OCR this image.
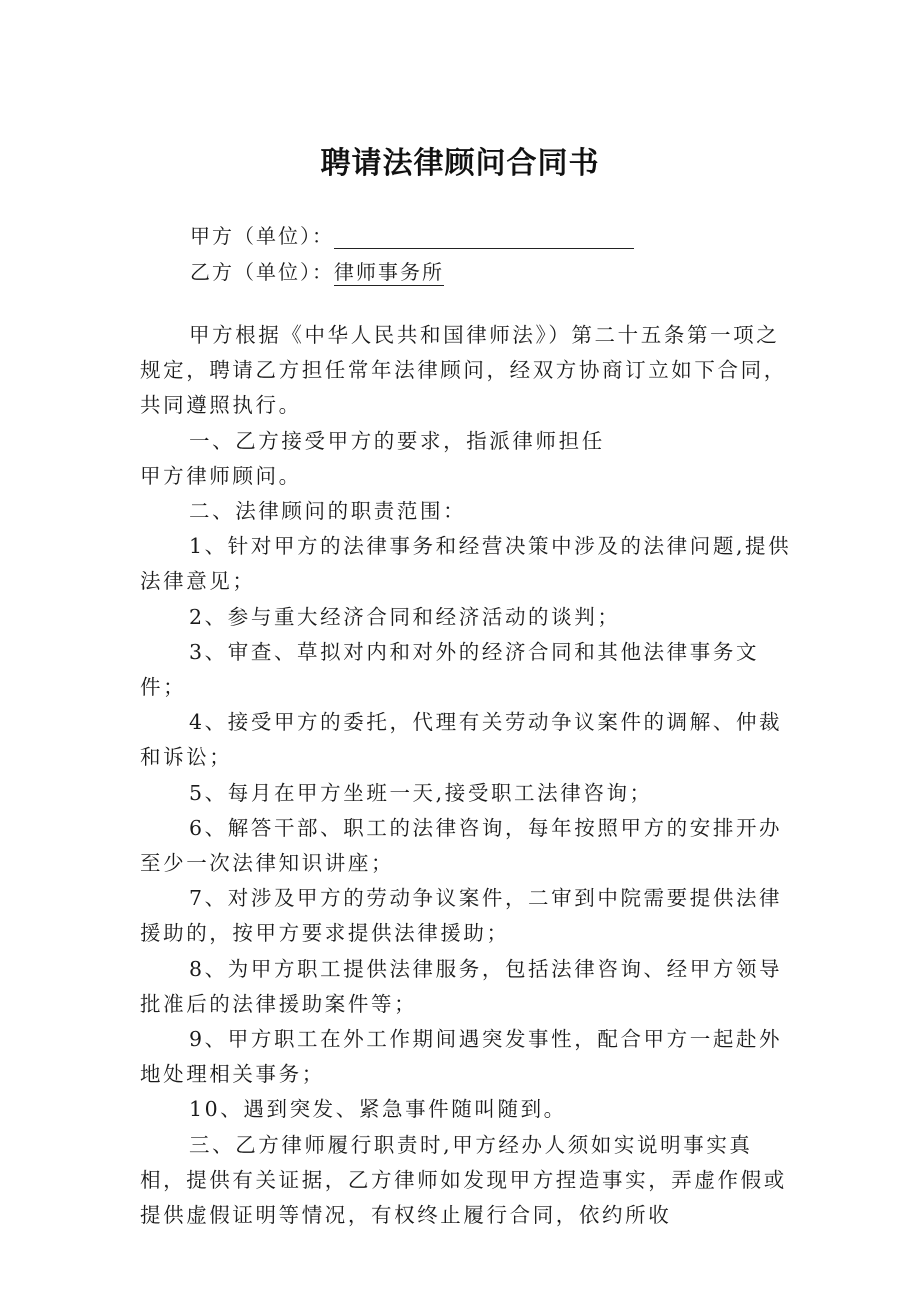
聘请法律顾问合同书
甲方（单位）：
乙方（单位）：律师事务所

甲方根据《中华人民共和国律师法》）第二十五条第一项之规定，聘请乙方担任常年法律顾问，经双方协商订立如下合同，共同遵照执行。

一、乙方接受甲方的要求，指派律师担任

甲方律师顾问。

二、法律顾问的职责范围：

1、针对甲方的法律事务和经营决策中涉及的法律问题,提供法律意见；

2、参与重大经济合同和经济活动的谈判；

3、审查、草拟对内和对外的经济合同和其他法律事务文件；

4、接受甲方的委托，代理有关劳动争议案件的调解、仲裁和诉讼；

5、每月在甲方坐班一天,接受职工法律咨询；

6、解答干部、职工的法律咨询，每年按照甲方的安排开办至少一次法律知识讲座；

7、对涉及甲方的劳动争议案件，二审到中院需要提供法律援助的，按甲方要求提供法律援助；

8、为甲方职工提供法律服务，包括法律咨询、经甲方领导批准后的法律援助案件等；

9、甲方职工在外工作期间遇突发事性，配合甲方一起赴外地处理相关事务；

10、遇到突发、紧急事件随叫随到。

三、乙方律师履行职责时,甲方经办人须如实说明事实真相，提供有关证据，乙方律师如发现甲方捏造事实，弄虚作假或提供虚假证明等情况，有权终止履行合同，依约所收
